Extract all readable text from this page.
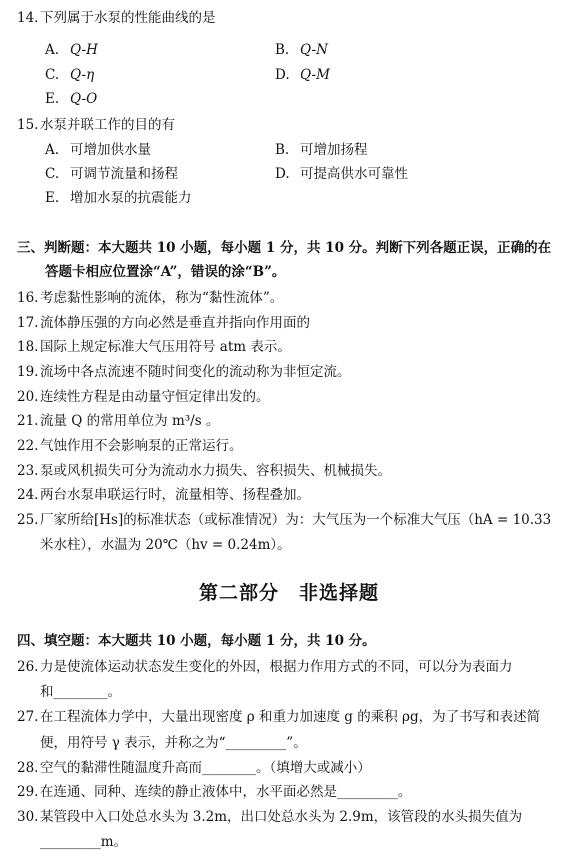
14. 下列属于水泵的性能曲线的是
A. Q-H	B. Q-N
C. Q-η	D. Q-M
E. Q-O
15. 水泵并联工作的目的有
A. 可增加供水量	B. 可增加扬程
C. 可调节流量和扬程	D. 可提高供水可靠性
E. 增加水泵的抗震能力
三、判断题：本大题共 10 小题，每小题 1 分，共 10 分。判断下列各题正误，正确的在
答题卡相应位置涂“A”，错误的涂“B”。
16. 考虑黏性影响的流体，称为“黏性流体”。
17. 流体静压强的方向必然是垂直并指向作用面的
18. 国际上规定标准大气压用符号 atm 表示。
19. 流场中各点流速不随时间变化的流动称为非恒定流。
20. 连续性方程是由动量守恒定律出发的。
21. 流量 Q 的常用单位为 m³/s 。
22. 气蚀作用不会影响泵的正常运行。
23. 泵或风机损失可分为流动水力损失、容积损失、机械损失。
24. 两台水泵串联运行时，流量相等、扬程叠加。
25. 厂家所给[Hs]的标准状态（或标准情况）为：大气压为一个标准大气压（hA = 10.33
米水柱），水温为 20℃（hv = 0.24m）。
第二部分　非选择题
四、填空题：本大题共 10 小题，每小题 1 分，共 10 分。
26. 力是使流体运动状态发生变化的外因，根据力作用方式的不同，可以分为表面力
和________。
27. 在工程流体力学中，大量出现密度 ρ 和重力加速度 g 的乘积 ρg，为了书写和表述简
便，用符号 γ 表示，并称之为“_________”。
28. 空气的黏滞性随温度升高而________。（填增大或减小）
29. 在连通、同种、连续的静止液体中，水平面必然是_________。
30. 某管段中入口处总水头为 3.2m，出口处总水头为 2.9m，该管段的水头损失值为
_________m。
